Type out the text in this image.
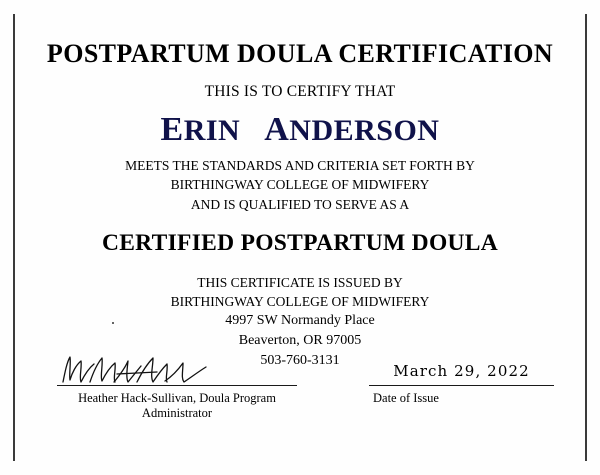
POSTPARTUM DOULA CERTIFICATION
THIS IS TO CERTIFY THAT
ERIN ANDERSON
MEETS THE STANDARDS AND CRITERIA SET FORTH BY
BIRTHINGWAY COLLEGE OF MIDWIFERY
AND IS QUALIFIED TO SERVE AS A
CERTIFIED POSTPARTUM DOULA
THIS CERTIFICATE IS ISSUED BY
BIRTHINGWAY COLLEGE OF MIDWIFERY
4997 SW Normandy Place
Beaverton, OR 97005
503-760-3131
Heather Hack-Sullivan, Doula Program Administrator
March 29, 2022
Date of Issue
